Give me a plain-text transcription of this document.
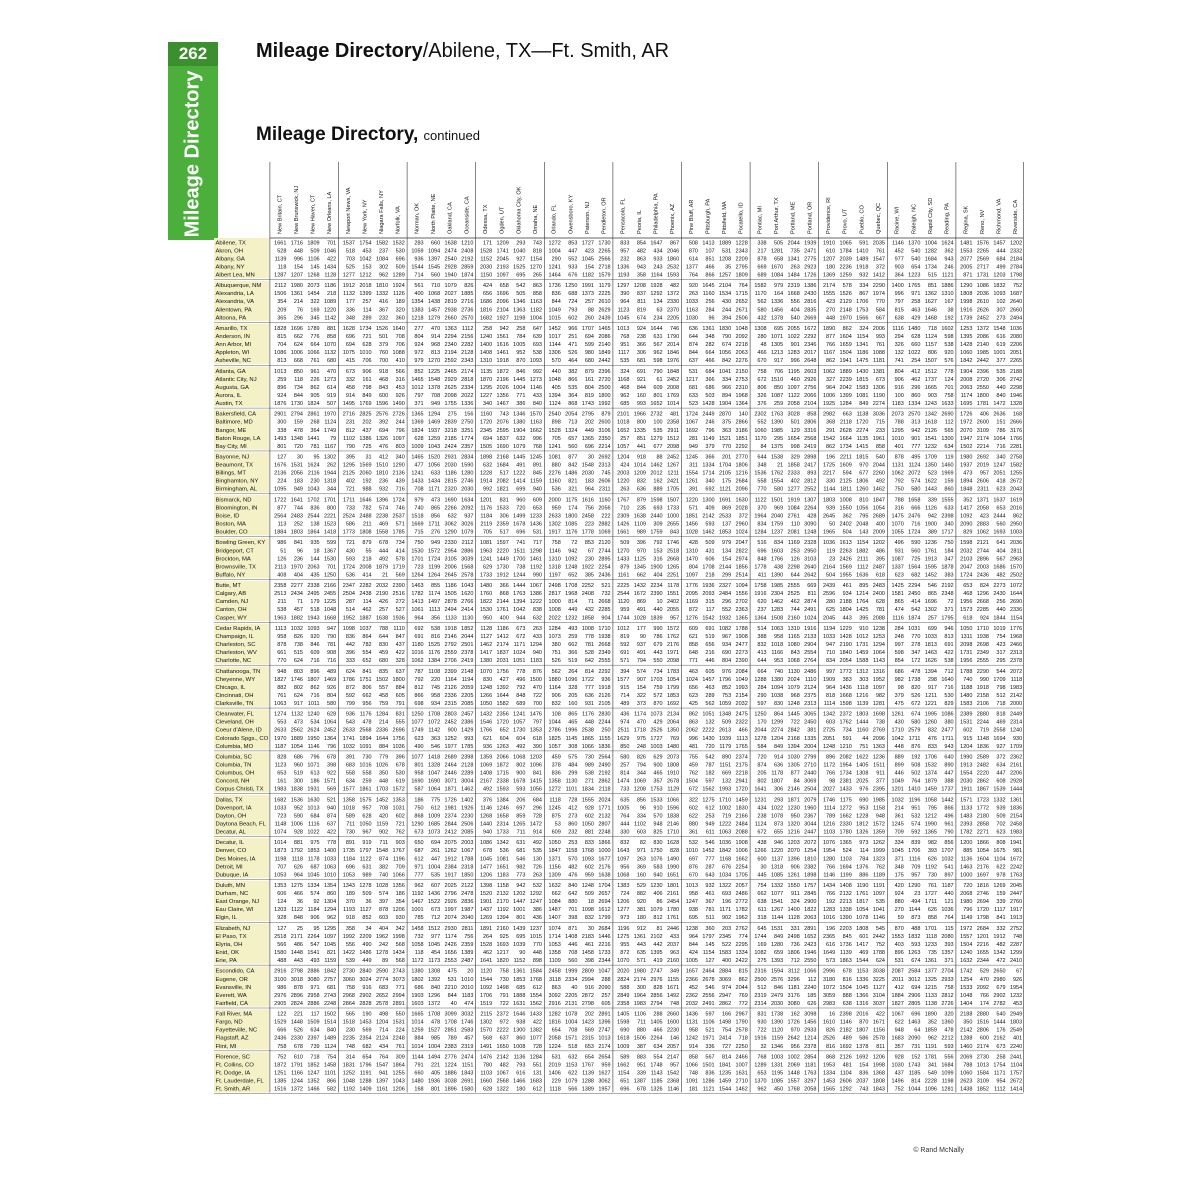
262
Mileage Directory
Mileage Directory/Abilene, TX—Ft. Smith, AR
Mileage Directory, continued
New Britain, CT New Brunswick, NJ New Haven, CT New Orleans, LA Newport News, VA New York, NY Niagara Falls, NY Norfolk, VA Norman, OK North Platte, NE Oakland, CA Oceanside, CA Odessa, TX Ogden, UT Oklahoma City, OK Omaha, NE Orlando, FL Owensboro, KY Paterson, NJ Pendleton, OR Pensacola, FL Peoria, IL Philadelphia, PA Phoenix, AZ Pine Bluff, AR Pittsburgh, PA Pittsfield, MA Pocatello, ID Pontiac, MI Port Arthur, TX Portland, ME Portland, OR Providence, RI Provo, UT Pueblo, CO Quebec, QC Racine, WI Raleigh, NC Rapid City, SD Reading, PA Regina, SK Reno, NV Richmond, VA Riverside, CA
Abilene, TX	1661 1716 1809 701 1537 1754 1582 1532 283 660 1638 1210 171 1209 293 743 1272 853 1727 1730 833 854 1647 867 508 1413 1889 1228 338 505 2044 1939 1910 1065 591 2035 1146 1370 1004 1624 1481 1576 1457 1202
Akron, OH	528 448 509 1046 518 453 237 530 1059 1094 2474 2408 1528 1741 1040 818 1004 447 423 2265 957 482 434 2046 870 107 531 2343 217 1281 735 2471 610 1784 1410 761 452 540 1282 362 1553 2265 444 2332
Albany, GA	1139 996 1106 422 703 1042 1084 696 936 1397 2540 2192 1152 2045 927 1154 290 552 1045 2566 232 863 933 1860 614 851 1208 2209 878 658 1341 2775 1207 2039 1489 1547 977 540 1684 943 2077 2569 684 2184
Albany, NY	118 154 145 1434 525 153 302 509 1544 1545 2928 2859 2030 2193 1525 1270 1241 933 154 2718 1336 943 243 2532 1377 466 35 2795 669 1670 263 2923 180 2236 1918 372 903 654 1734 246 2005 2717 499 2784
Albert Lea, MN	1287 1207 1268 1128 1277 1212 962 1289 714 560 1940 1874 1150 1097 695 265 1464 676 1182 1579 1193 358 1164 1593 764 866 1257 1809 689 1084 1484 1726 1369 1259 932 1412 364 1223 515 1121 871 1731 1203 1798
Albuquerque, NM 2112 1980 2073 1186 1912 2018 1810 1924 561 710 1079 826 424 658 542 863 1736 1250 1991 1179 1297 1208 1928 482 920 1645 2104 764 1582 979 2319 1386 2174 578 334 2290 1400 1765 851 1886 1290 1086 1832 752
Alexandria, LA	1506 1361 1454 218 1132 1399 1332 1126 400 1068 2027 1885 656 1696 505 858 836 688 1373 2225 390 837 1292 1372 263 1160 1534 1715 1170 164 1668 2430 1555 1526 867 1974 996 971 1362 1310 1808 2036 1093 1687
Alexandria, VA	354 214 322 1089 177 257 416 189 1354 1438 2819 2716 1686 2096 1346 1163 844 724 257 2610 964 811 134 2330 1033 256 430 2652 562 1336 556 2816 423 2129 1706 770 797 258 1627 167 1998 2610 102 2640
Allentown, PA	209 76 169 1220 336 114 367 320 1383 1457 2938 2736 1816 2104 1363 1182 1049 793 88 2629 1123 819 63 2370 1163 284 244 2671 580 1456 404 2835 270 2148 1753 584 815 463 1646 38 1916 2626 307 2660
Altoona, PA	365 296 345 1142 348 289 232 360 1218 1279 2660 2570 1682 1927 1198 1004 1015 602 260 2439 1045 674 234 2205 1030 96 394 2506 432 1378 540 2669 448 1970 1566 667 638 429 1468 192 1739 2452 273 2494
Amarillo, TX	1828 1696 1789 881 1628 1734 1526 1640 277 470 1363 1112 258 942 258 647 1452 966 1707 1465 1013 924 1644 746 636 1361 1830 1048 1308 695 2055 1672 1890 862 324 2006 1116 1480 718 1602 1253 1372 1548 1036
Anderson, IN	815 662 776 858 696 721 501 708 804 914 2294 2156 1240 1561 784 639 1017 251 694 2086 768 238 631 1790 644 348 790 2092 280 1071 1022 2292 877 1604 1154 993 294 628 1124 598 1395 2086 616 2080
Ann Arbor, MI	704 624 664 1070 694 628 379 706 924 968 2340 2282 1400 1616 1005 693 1144 471 599 2140 951 366 567 2014 874 282 674 2218 48 1305 901 2346 766 1659 1341 761 326 660 1157 538 1428 2140 619 2206
Appleton, WI	1086 1006 1066 1132 1075 1010 760 1088 972 813 2194 2128 1408 1461 952 538 1306 526 980 1849 1117 306 962 1846 844 664 1056 2063 466 1213 1283 2017 1167 1504 1186 1088 132 1022 806 920 1060 1985 1001 2051
Asheville, NC	813 668 761 680 415 706 700 410 979 1270 2592 2343 1310 1918 870 1093 570 464 680 2442 535 681 598 1976 637 466 842 2276 670 917 996 2648 862 1941 1475 1181 741 254 1507 576 1842 2442 377 2265
Atlanta, GA	1013 850 961 470 673 906 918 566 852 1225 2465 2174 1135 1872 846 992 440 382 879 2396 324 691 790 1848 531 684 1041 2150 758 706 1195 2603 1062 1889 1430 1381 804 412 1512 778 1904 2396 535 2188
Atlantic City, NJ	259 118 226 1273 332 161 468 316 1465 1548 2929 2818 1870 2196 1445 1273 1048 866 161 2720 1168 921 61 2452 1217 366 334 2753 672 1510 460 2926 327 2239 1815 673 906 462 1737 124 2008 2720 306 2742
Augusta, GA	896 734 862 614 458 798 843 453 1012 1378 2625 2334 1295 2026 1004 1146 405 535 804 2500 468 844 609 2008 681 686 966 2310 806 850 1097 2756 964 2042 1583 1306 916 296 1665 701 2063 2550 440 2298
Aurora, IL	924 844 905 919 914 849 600 926 797 708 2098 2022 1227 1356 771 433 1394 364 819 1800 962 160 801 1769 633 503 894 1968 326 1087 1122 2066 1006 1399 1081 1190 100 860 903 758 1174 1800 840 1946
Austin, TX	1876 1730 1824 507 1495 1769 1596 1490 371 949 1755 1336 340 1467 386 840 1124 868 1743 1992 685 993 1652 1014 523 1428 1904 1364 376 259 2058 2104 1925 1284 849 2274 1183 1334 1243 1633 1695 1781 1472 1328
Bakersfield, CA	2901 2794 2861 1970 2716 2825 2576 2726 1365 1294 275 156 1160 743 1346 1570 2540 2054 2795 879 2101 1966 2732 481 1724 2449 2870 140 2302 1763 3028 858 2982 663 1138 3036 2073 2570 1342 2690 1726 406 2636 168
Baltimore, MD	300 159 268 1124 231 202 392 244 1369 1469 2839 2750 1720 2076 1380 1163 898 713 202 2600 1018 800 100 2358 1067 246 375 2866 552 1390 501 2806 368 2118 1720 715 788 313 1618 112 1972 2600 151 2666
Bangor, ME	338 478 364 1749 812 437 694 796 1824 1937 3218 3251 2345 2595 1904 1662 1528 1324 449 3106 1652 1335 535 2911 1692 796 363 3186 1060 1985 129 3316 291 2628 2274 233 1295 942 2126 565 2070 3109 786 3176
Baton Rouge, LA	1493 1348 1441 79 1102 1386 1326 1097 628 1259 2185 1774 694 1837 632 996 705 657 1365 2350 257 851 1279 1512 281 1149 1521 1851 1170 295 1654 2568 1542 1664 1135 1961 1010 901 1541 1300 1947 2174 1064 1766
Bay City, MI	801 720 781 1167 790 725 476 803 1009 1043 2424 2357 1505 1690 1079 768 1241 560 696 2214 1057 441 677 2098 949 379 770 2292 84 1375 998 2419 862 1734 1415 858 401 777 1232 634 1502 2214 716 2281
Bayonne, NJ	127 30 95 1302 395 31 412 340 1465 1520 2931 2834 1898 2168 1445 1245 1081 877 30 2692 1204 918 88 2452 1245 366 201 2770 644 1538 329 2898 196 2211 1815 540 878 495 1709 119 1980 2692 340 2758
Beaumont, TX	1676 1531 1624 262 1295 1569 1510 1290 477 1056 2030 1590 632 1684 491 891 880 842 1548 2313 424 1014 1462 1267 311 1334 1704 1806 348 21 1858 2417 1725 1609 970 2044 1131 1124 1350 1460 1937 2019 1247 1582
Billings, MT	2136 2056 2116 1944 2125 2060 1810 2136 1241 633 1186 1280 1228 517 1222 845 2276 1486 2030 745 2003 1209 2012 1211 1554 1714 2105 1216 1536 1762 2333 893 2217 594 677 2260 1062 2072 523 1969 473 957 2051 1255
Binghamton, NY	224 183 230 1318 402 192 236 439 1433 1434 2815 2746 1914 2082 1414 1159 1160 821 183 2606 1220 832 162 2421 1261 340 175 2684 558 1554 402 2812 330 2125 1806 492 792 574 1622 159 1894 2606 418 2672
Birmingham, AL	1095 949 1043 344 721 988 932 716 708 1171 2320 2030 992 1821 699 940 536 321 964 2311 263 636 889 1705 391 692 1121 2096 770 580 1277 2552 1144 1811 1260 1462 750 580 1443 860 1848 2311 623 2043
Bismarck, ND	1722 1641 1702 1701 1711 1646 1396 1724 979 473 1690 1634 1201 831 960 609 2000 1175 1616 1160 1767 879 1598 1507 1220 1300 1691 1630 1122 1501 1919 1307 1803 1008 810 1847 788 1658 339 1555 352 1371 1637 1619
Bloomington, IN	877 744 836 800 733 782 574 746 740 865 2266 2092 1176 1533 720 653 959 174 756 2056 710 235 693 1733 571 409 869 2028 370 969 1084 2264 939 1550 1056 1054 316 666 1126 633 1417 2058 653 2016
Boise, ID	2564 2483 2544 2221 2524 2488 2238 2537 1518 856 632 937 1184 306 1499 1233 2633 1800 2458 222 2309 1638 2440 1000 1851 2142 2533 372 1964 2040 2761 428 2645 362 795 2689 1475 2476 942 2398 1092 423 2444 862
Boston, MA	113 252 138 1523 586 211 469 571 1669 1711 3062 3026 2119 2359 1678 1436 1302 1085 223 2882 1426 1109 309 2655 1456 593 137 2960 834 1759 110 3090 50 2402 2048 400 1070 716 1900 340 2090 2883 560 2950
Boulder, CO	1884 1803 1864 1418 1773 1808 1558 1785 715 276 1290 1079 705 517 696 531 1917 1176 1778 1069 1661 989 1759 843 1028 1462 1853 1024 1284 1237 2081 1248 1965 504 143 2009 1055 1724 389 1717 829 1062 1693 1003
Bowling Green, KY 986 841 935 599 721 879 678 734 750 949 2330 2112 1081 1597 741 717 758 72 853 2120 509 396 792 1746 428 509 979 2047 516 834 1169 2328 1036 1613 1154 1202 496 590 1236 750 1598 2121 641 2036
Bridgeport, CT	51 96 18 1367 430 55 444 414 1530 1572 2954 2886 1963 2220 1511 1298 1146 942 67 2744 1270 970 153 2518 1310 431 134 2822 696 1603 253 2950 119 2263 1882 486 931 560 1761 184 2032 2744 404 2811
Brockton, MA	126 236 144 1530 593 218 492 578 1701 1724 3105 3039 1241 1449 1700 1461 1310 1092 230 2895 1433 1125 316 2668 1470 606 154 2974 848 1766 126 3103 23 2426 2111 395 1087 725 1913 347 2103 2896 567 2963
Brownsville, TX	2113 1970 2063 701 1724 2008 1879 1719 723 1199 2006 1568 629 1730 738 1192 1318 1248 1922 2254 879 1345 1900 1265 804 1708 2144 1856 1778 438 2298 2640 2164 1569 1112 2487 1337 1564 1595 1878 2047 2003 1686 1570
Buffalo, NY	408 404 435 1250 536 414 21 569 1264 1264 2645 2578 1733 1912 1244 990 1197 652 385 2436 1161 662 404 2251 1097 218 299 2514 411 1390 644 2642 504 1955 1636 618 623 682 1452 383 1724 2436 482 2502
Butte, MT	2358 2277 2338 2166 2347 2282 2032 2390 1463 855 1186 1043 1480 366 1444 1067 2498 1708 2252 521 2225 1432 2234 1178 1776 1936 2327 1094 1758 1985 2555 669 2439 461 895 2483 1425 2294 546 2192 653 824 2273 1072
Calgary, AB	2513 2434 2495 2455 2504 2438 2190 2516 1782 1174 1505 1620 1760 868 1763 1386 2817 1968 2408 732 2544 1672 2390 1551 2095 2093 2484 1556 1916 2304 2525 811 2596 934 1214 2400 1581 2450 865 2348 468 1296 2430 1644
Camden, NJ	211 71 179 1225 287 114 426 272 1413 1497 2878 2766 1822 2144 1394 1222 1000 814 71 2668 1120 869 10 2402 1169 315 296 2702 620 1462 462 2874 280 2188 1764 628 865 414 1696 72 1956 2668 256 2690
Canton, OH	538 457 518 1048 514 462 257 527 1061 1113 2494 2414 1530 1761 1042 838 1008 449 432 2285 959 491 440 2055 872 117 552 2363 237 1283 744 2491 625 1804 1425 781 474 542 1302 371 1573 2285 440 2336
Casper, WY	1963 1882 1943 1668 1952 1887 1638 1936 964 356 1133 1130 950 400 944 632 2022 1232 1858 904 1744 1028 1839 957 1276 1542 1932 1365 1364 1508 2160 1024 2045 443 395 2088 1116 1874 257 1795 618 924 1844 1154
Cedar Rapids, IA	1113 1032 1093 947 1098 1037 788 1110 692 538 1918 1852 1128 1186 673 263 1284 493 1008 1710 1012 177 990 1572 609 691 1082 1788 514 1063 1310 1916 1194 1229 910 1238 284 1031 699 946 1050 1710 1019 1776
Champaign, IL	958 826 920 790 836 864 644 847 691 816 2146 2044 1127 1412 672 433 1073 259 778 1938 819 90 786 1762 621 519 967 1908 388 958 1165 2133 1033 1428 1012 1253 248 770 1033 813 1311 1938 754 1968
Charleston, SC	878 738 846 781 442 782 830 437 1180 1525 2792 2501 1462 2174 1171 1294 380 662 781 2668 592 937 679 2176 858 656 934 2477 832 1018 1080 2904 947 2190 1731 1294 997 278 1813 691 2098 2698 423 2466
Charleston, WV	661 515 609 908 396 554 459 422 1016 1176 2559 2378 1417 1837 1024 940 751 366 528 2349 691 491 443 1971 648 216 690 2273 413 1166 843 2554 710 1840 1459 1064 598 347 1463 422 1731 2349 317 2313
Charlotte, NC	770 624 716 716 333 652 680 328 1062 1384 2706 2419 1380 2031 1051 1183 526 519 642 2555 571 794 550 2098 771 446 804 2390 644 953 1068 2764 834 2054 1588 1143 854 172 1626 538 1956 2555 295 2378
Chattanooga, TN	948 803 896 489 624 841 835 637 787 1108 2399 2148 1070 1756 778 876 562 264 814 2292 394 574 734 1783 463 605 976 2084 664 740 1130 2486 997 1772 1312 1316 686 478 1394 712 1788 2290 544 2072
Cheyenne, WY	1827 1746 1807 1469 1786 1751 1502 1800 792 220 1164 1194 830 427 496 1500 1880 1096 1722 936 1577 907 1703 1054 1024 1457 1796 1049 1288 1380 2024 1110 1909 383 303 1952 982 1738 298 1640 740 990 1709 1118
Chicago, IL	882 802 862 926 872 806 557 884 812 745 2126 2059 1248 1392 792 470 1164 328 777 1918 915 154 759 1799 656 463 852 1993 284 1094 1079 2124 964 1436 1118 1097 98 820 917 716 1188 1918 798 1983
Cincinnati, OH	761 624 716 804 592 662 458 605 866 958 2336 2205 1266 1644 848 722 906 205 636 2126 714 322 572 1853 623 289 753 2154 290 1038 968 2375 818 1668 1216 982 379 526 1211 530 1480 2158 512 2142
Clarksville, TN	1063 917 1011 580 799 956 759 791 698 934 2315 2085 1050 1582 689 700 832 160 931 2105 489 373 870 1692 425 562 1059 2032 597 830 1248 2313 1114 1598 1139 1281 475 672 1221 829 1583 2106 718 2000
Clearwater, FL	1274 1132 1240 628 936 1176 1284 831 1250 1708 2803 2457 1432 2356 1241 1476 108 865 1176 2830 436 1174 1073 2134 862 1051 1348 2475 1250 864 1445 3065 1342 2372 1803 1698 1261 674 1995 1086 2389 2880 818 2449
Cleveland, OH	553 473 534 1064 543 478 214 555 1077 1072 2452 2386 1546 1720 1057 797 1044 465 448 2244 974 470 429 2064 863 132 509 2322 170 1299 722 2450 603 1762 1444 738 430 580 1260 380 1531 2244 469 2314
Coeur d'Alene, ID 2633 2562 2624 2452 2633 2568 2336 2696 1749 1142 900 1429 1766 652 1730 1353 2786 1996 2538 250 2511 1718 2526 1350 2062 2222 2613 466 2044 2274 2842 381 2725 734 1160 2769 1710 2579 832 2477 602 719 2558 1240
Colorado Spgs., CO 1970 1889 1950 1364 1741 1894 1644 1756 623 363 1252 993 621 604 604 618 1825 1145 1865 1155 1629 975 1727 769 996 1430 1939 1113 1278 1204 2168 1335 2051 591 44 2096 1042 1711 476 1711 915 1148 1694 930
Columbia, MO	1187 1054 1146 796 1032 1091 884 1036 490 546 1977 1785 936 1263 492 390 1057 308 1066 1836 850 248 1003 1480 481 720 1179 1765 584 849 1394 2004 1248 1210 751 1363 448 876 833 943 1204 1836 927 1709
Columbia, SC	828 686 796 678 391 730 779 396 1077 1418 2689 2398 1359 2066 1068 1203 459 575 730 2564 580 826 629 2073 755 542 890 2374 720 914 1030 2799 896 2082 1622 1236 889 192 1706 640 1990 2589 372 2362
Columbia, TN	1123 960 1071 398 683 1016 1026 678 801 1328 2464 2128 1069 1872 802 1096 378 484 989 2490 257 794 900 1808 459 787 1151 2175 874 636 1305 2710 1172 1954 1405 1511 899 508 1532 890 1913 2482 634 2161
Columbus, OH	653 519 613 922 558 558 350 530 958 1047 2446 2289 1408 1715 900 841 836 299 538 2192 814 344 465 1910 762 182 669 2218 205 1178 877 2440 766 1734 1308 911 446 502 1374 447 1554 2220 447 2206
Concord, NH	161 300 186 1571 634 259 448 619 1690 1690 3071 3004 2167 2338 1678 1415 1358 1130 271 2862 1474 1069 357 2678 1504 597 132 2941 802 1807 84 3069 98 2381 2025 377 1049 764 1879 388 2030 2862 608 2928
Corpus Christi, TX 1983 1838 1931 569 1577 1861 1703 1572 587 1064 1871 1462 492 1593 593 1056 1272 1101 1834 2118 733 1208 1753 1129 672 1562 1993 1720 1641 306 2146 2504 2027 1433 976 2395 1201 1410 1459 1737 1911 1867 1539 1444
Dallas, TX	1682 1536 1630 521 1358 1575 1452 1353 186 775 1726 1402 376 1384 206 684 1118 728 1555 2024 635 856 1533 1066 322 1275 1710 1459 1231 293 1871 2079 1746 1175 690 1985 1032 1196 1058 1442 1571 1723 1332 1361
Davenport, IA	1033 952 1013 940 1018 957 708 1031 750 612 1981 1926 1146 1246 697 296 1245 412 928 1771 1005 96 910 1596 602 612 1002 1830 434 1022 1230 1960 1114 1272 953 1158 214 951 795 866 1133 1772 939 1836
Dayton, OH	723 590 684 874 589 628 420 602 868 1009 2374 2230 1268 1658 859 728 875 273 602 2132 764 334 570 1838 622 253 719 2166 238 1078 950 2367 789 1662 1228 948 361 532 1212 496 1483 2180 509 2154
Daytona Beach, FL 1148 1006 1116 637 711 1050 1159 721 1290 1685 2844 2506 1440 2314 1265 1472 53 860 1050 2807 444 1102 948 2146 880 949 1222 2484 1124 873 1320 3044 1216 2330 1812 1572 1245 574 1990 961 2393 2858 702 2458
Decatur, AL	1074 928 1022 422 730 967 902 762 673 1073 2412 2085 940 1733 711 914 609 232 881 2248 330 603 825 1710 361 611 1063 2088 672 655 1216 2447 1103 1780 1326 1359 709 592 1365 790 1782 2271 623 1983
Decatur, IL	1014 881 975 778 891 919 711 903 650 694 2075 2003 1086 1342 631 492 1050 253 833 1866 832 82 830 1628 532 546 1036 1908 438 946 1203 2072 1076 1365 973 1262 334 839 982 856 1200 1866 808 1941
Denver, CO	1873 1792 1853 1400 1735 1797 1548 1767 687 261 1262 1067 678 536 681 535 1847 1158 1768 1000 1643 971 1750 828 1010 1452 1842 1006 1266 1220 2070 1254 1954 524 114 1999 1045 1706 393 1707 885 1054 1675 981
Des Moines, IA	1198 1118 1178 1033 1184 1122 874 1196 612 447 1912 1788 1045 1081 546 130 1371 570 1093 1677 1097 263 1076 1490 697 777 1168 1662 600 1137 1396 1810 1280 1103 784 1323 371 1116 626 1032 1136 1604 1104 1672
Detroit, MI	707 626 687 1063 696 631 382 709 971 1004 2384 2318 1477 1651 982 726 1156 482 602 2176 956 369 583 1990 876 287 676 2254 30 1318 906 2382 766 1694 1376 762 348 709 1192 541 1463 2176 622 2242
Dubuque, IA	1053 964 1045 1010 1053 989 740 1066 777 535 1917 1850 1206 1183 773 263 1309 476 959 1638 1068 160 940 1651 670 643 1034 1705 445 1085 1261 1898 1146 1199 886 1189 175 957 730 897 1000 1697 978 1763
Duluth, MN	1353 1275 1334 1354 1343 1278 1028 1356 962 607 2025 2122 1398 1158 942 532 1632 840 1248 1704 1383 529 1230 1801 1013 932 1322 2057 754 1332 1550 1757 1434 1408 1190 1191 420 1290 761 1187 720 1816 1269 2045
Durham, NC	606 466 574 860 189 509 574 186 1192 1436 2796 2478 1520 2132 1202 1292 662 642 509 2657 724 882 406 2161 958 461 693 2486 662 1077 911 2845 766 2132 1761 1097 924 23 1727 440 2068 2746 159 2447
East Orange, NJ	124 36 92 1304 370 36 397 354 1467 1522 2926 2836 1901 2170 1447 1247 1084 880 18 2694 1206 920 86 2454 1247 367 196 2772 638 1541 324 2900 192 2213 1817 535 880 494 1711 121 1980 2694 339 2760
Eau Claire, WI	1203 1122 1184 1294 1193 1127 878 1206 1001 673 1997 1987 1437 1192 1001 386 1487 701 1098 1612 1277 381 1079 1780 938 781 1171 1782 611 1267 1400 1822 1283 1338 1054 1041 270 1144 626 1036 796 1720 1117 1917
Elgin, IL	928 848 906 962 918 852 603 930 785 712 2074 2040 1269 1394 801 436 1407 398 832 1799 973 180 812 1761 695 511 902 1962 318 1144 1128 2063 1016 1390 1078 1146 59 873 858 764 1149 1798 841 1913
Elizabeth, NJ	127 25 95 1295 358 34 404 342 1458 1512 2930 2811 1891 2160 1439 1237 1074 871 30 2684 1196 912 81 2446 1238 360 203 2762 645 1531 331 2891 196 2203 1808 545 870 488 1701 115 1972 2684 332 2752
El Paso, TX	2518 2171 2264 1097 1992 2209 1962 1998 732 977 1174 756 264 925 695 1015 1714 1408 2183 1446 1275 1361 2102 433 964 1797 2345 774 1744 849 2498 1652 2365 845 601 2442 1553 1832 1118 2080 1557 1201 1912 748
Elyria, OH	566 486 547 1045 556 490 242 568 1058 1045 2426 2359 1528 1693 1039 770 1053 446 461 2216 955 443 442 2037 844 145 522 2295 169 1280 736 2423 616 1736 1417 752 403 593 1233 393 1504 2216 482 2287
Enid, OK	1580 1448 1541 821 1422 1486 1278 1434 118 454 1656 1389 462 1217 90 448 1358 708 1458 1733 872 635 1395 963 424 1154 1583 1334 1082 659 1806 1946 1649 1139 469 1788 896 1263 735 1357 1240 1655 1342 1299
Erie, PA	488 443 493 1159 539 449 89 568 1172 1173 2553 2487 1641 1820 1152 898 1109 560 398 2344 1070 571 419 2160 1005 127 400 2422 275 1393 712 2550 573 1863 1544 624 531 674 1361 371 1632 2344 472 2410
Escondido, CA	2916 2798 2886 1842 2730 2840 2590 2743 1380 1308 475 20 1120 758 1361 1584 2458 1999 2809 1047 2020 1980 2747 349 1657 2464 2884 815 2316 1594 3112 1066 2996 678 1153 3038 2087 2584 1377 2704 1742 529 2650 67
Eugene, OR	3100 3018 3080 2757 3060 3024 2774 3073 1802 1392 531 1010 1544 730 1853 1768 3118 2334 2994 288 2824 2174 2976 1155 2366 2678 3069 862 2500 2576 3296 112 3180 816 1336 3225 2011 3012 1325 2933 1254 470 2980 926
Evansville, IN	986 878 971 681 758 916 683 771 686 840 2210 2010 1092 1498 685 612 863 40 916 2090 588 300 828 1671 452 546 974 2044 512 846 1181 2240 1072 1504 1045 1127 412 694 1215 758 1533 2092 679 1954
Everett, WA	2976 2896 2958 2743 2968 2902 2652 2994 1903 1296 844 1183 1706 791 1888 1554 3092 2205 2872 257 2849 1964 2856 1492 2362 2556 2947 769 2319 2479 3176 185 3059 888 1366 3104 1884 2906 1133 2812 1048 766 2902 1232
Fairfield, CA	2905 2824 2886 2248 2864 2828 2578 2891 1603 1372 40 474 1519 722 1631 1562 2916 2131 2798 605 2358 1983 2794 748 2032 2491 2862 772 2314 2030 3080 626 2983 638 1316 3037 1827 2805 1138 2726 1404 174 2782 453
Fall River, MA	122 221 117 1502 565 190 498 550 1665 1708 3099 3032 2115 2372 1646 1433 1282 1078 202 2891 1405 1106 288 2660 1436 597 166 2967 831 1738 162 3098 16 2398 2016 422 1067 696 1890 320 2188 2880 540 2949
Fargo, ND	1529 1448 1509 1514 1518 1453 1204 1531 1014 478 1708 1746 1302 972 938 422 1816 1004 1423 1396 1598 711 1405 1600 1131 1106 1498 1790 930 1390 1726 1456 1610 1146 870 1671 622 1463 352 1360 350 1516 1444 1803
Fayetteville, NC	666 526 634 840 230 569 714 224 1259 1527 2851 2583 1570 2222 1300 1382 654 708 569 2747 690 880 466 2230 958 521 754 2578 722 1120 970 2933 826 2182 1807 1156 948 64 1859 478 2142 2806 176 2549
Flagstaff, AZ	2436 2330 2397 1489 2235 2354 2124 2248 884 985 789 457 568 637 860 1077 2058 1571 2315 1013 1618 1506 2264 146 1242 1971 2414 718 1916 1159 2642 1214 2526 489 586 2578 1683 2090 962 2212 1288 600 2162 401
Flint, MI	758 678 739 1124 748 682 434 761 1014 1004 2383 2319 1491 1650 1008 728 1224 518 653 2174 1009 387 634 2057 914 336 727 2250 32 1346 956 2378 816 1692 1378 811 357 731 1191 593 1460 2174 673 2240
Florence, SC	752 610 718 754 314 654 764 309 1144 1494 2776 2474 1476 2142 1136 1284 531 632 654 2654 589 883 554 2147 858 567 814 2466 768 1003 1002 2854 868 2126 1692 1206 928 152 1781 556 2069 2730 258 2441
Ft. Collins, CO	1872 1791 1852 1458 1831 1796 1547 1864 791 221 1224 1151 780 482 793 551 2019 1153 1767 959 1662 951 1748 957 1066 1501 1841 1007 1289 1331 2069 1181 1953 481 154 1998 1030 1743 341 1684 788 1013 1754 1104
Ft. Dodge, IA	1251 1166 1247 1101 1252 1191 941 1255 660 405 1886 1843 1103 1067 616 131 1406 622 1139 1627 1154 339 1143 1542 748 836 1235 1631 653 1195 1448 1763 1334 1104 836 1368 437 1185 549 1099 1060 1584 1171 1757
Ft. Lauderdale, FL 1385 1244 1352 866 1048 1288 1397 1043 1480 1936 3038 2691 1660 2568 1466 1683 229 1079 1288 3062 651 1387 1185 2368 1091 1286 1459 2710 1370 1085 1557 3297 1453 2606 2037 1808 1496 814 2228 1198 2623 3109 954 2672
Ft. Smith, AR	1516 1372 1466 582 1192 1409 1161 1206 168 801 1896 1580 628 1322 180 612 1118 566 1389 1957 696 678 1326 1146 181 1121 1544 1462 962 450 1768 2058 1565 1292 743 1843 752 1044 1096 1281 1438 1852 1112 1414
© Rand McNally
